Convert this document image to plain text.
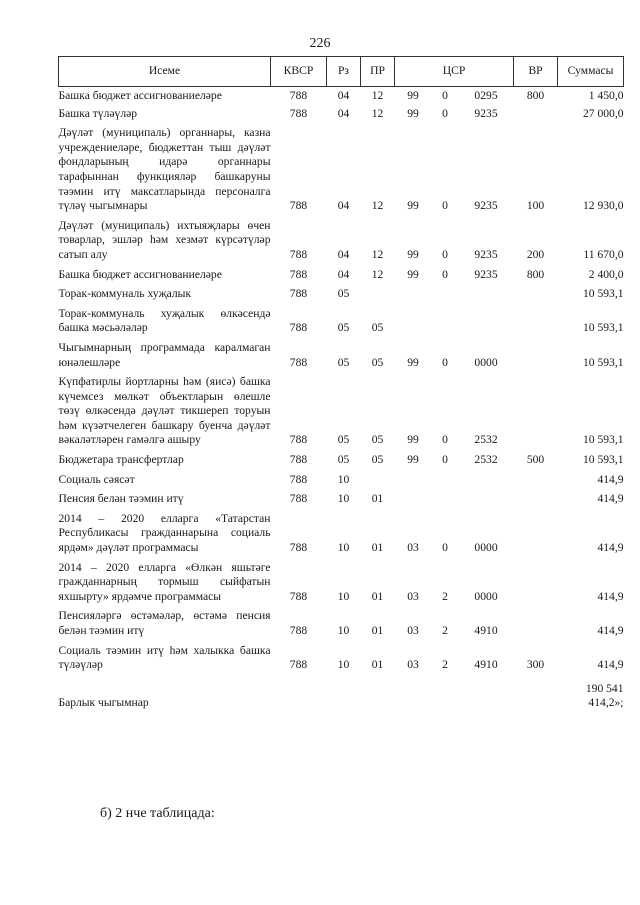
226
Исеме	КВСР	Рз	ПР	ЦСР			ВР	Суммасы
Башка бюджет ассигнованиеләре	788	04	12	99	0	0295	800	1 450,0
Башка түләүләр	788	04	12	99	0	9235		27 000,0
Дәүләт (муниципаль) органнары, казна учреждениеләре, бюджеттан тыш дәүләт фондларының идарә органнары тарафыннан функцияләр башкаруны тәэмин итү максатларында персоналга түләү чыгымнары	788	04	12	99	0	9235	100	12 930,0
Дәүләт (муниципаль) ихтыяҗлары өчен товарлар, эшләр һәм хезмәт күрсәтүләр сатып алу	788	04	12	99	0	9235	200	11 670,0
Башка бюджет ассигнованиеләре	788	04	12	99	0	9235	800	2 400,0
Торак-коммуналь хуҗалык	788	05						10 593,1
Торак-коммуналь хуҗалык өлкәсендә башка мәсьәләләр	788	05	05					10 593,1
Чыгымнарның программада каралмаган юнәлешләре	788	05	05	99	0	0000		10 593,1
Күпфатирлы йортларны һәм (яисә) башка күчемсез мөлкәт объектларын өлешле төзү өлкәсендә дәүләт тикшереп торуын һәм күзәтчелеген башкару буенча дәүләт вәкаләтләрен гамәлгә ашыру	788	05	05	99	0	2532		10 593,1
Бюджетара трансфертлар	788	05	05	99	0	2532	500	10 593,1
Социаль сәясәт	788	10						414,9
Пенсия белән тәэмин итү	788	10	01					414,9
2014 – 2020 елларга «Татарстан Республикасы гражданнарына социаль ярдәм» дәүләт программасы	788	10	01	03	0	0000		414,9
2014 – 2020 елларга «Өлкән яшьтәге гражданнарның тормыш сыйфатын яхшырту» ярдәмче программасы	788	10	01	03	2	0000		414,9
Пенсияләргә өстәмәләр, өстәмә пенсия белән тәэмин итү	788	10	01	03	2	4910		414,9
Социаль тәэмин итү һәм халыкка башка түләүләр	788	10	01	03	2	4910	300	414,9
Барлык чыгымнар								190 541 414,2»;
б) 2 нче таблицада:
